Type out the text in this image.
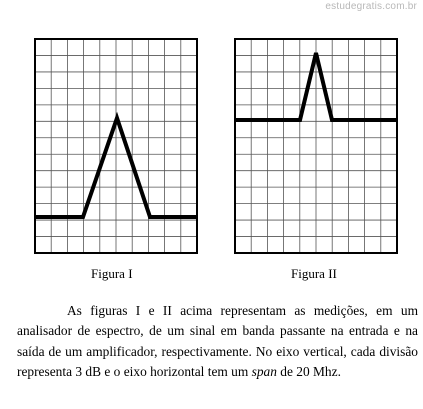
estudegratis.com.br
Figura I	Figura II
As figuras I e II acima representam as medições, em um analisador de espectro, de um sinal em banda passante na entrada e na saída de um amplificador, respectivamente. No eixo vertical, cada divisão representa 3 dB e o eixo horizontal tem um span de 20 Mhz.
